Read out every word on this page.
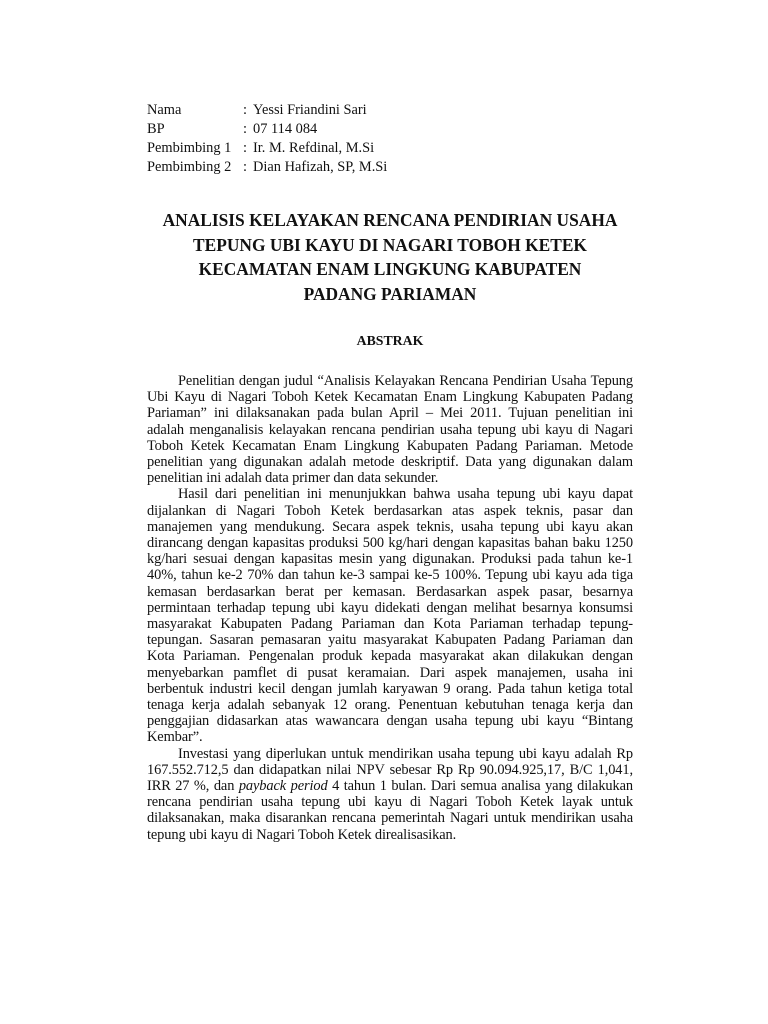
Nama	: Yessi Friandini Sari
BP	: 07 114 084
Pembimbing 1 : Ir. M. Refdinal, M.Si
Pembimbing 2 : Dian Hafizah, SP, M.Si
ANALISIS KELAYAKAN RENCANA PENDIRIAN USAHA
TEPUNG UBI KAYU DI NAGARI TOBOH KETEK
KECAMATAN ENAM LINGKUNG KABUPATEN
PADANG PARIAMAN
ABSTRAK

Penelitian dengan judul “Analisis Kelayakan Rencana Pendirian Usaha Tepung Ubi Kayu di Nagari Toboh Ketek Kecamatan Enam Lingkung Kabupaten Padang Pariaman” ini dilaksanakan pada bulan April – Mei 2011. Tujuan penelitian ini adalah menganalisis kelayakan rencana pendirian usaha tepung ubi kayu di Nagari Toboh Ketek Kecamatan Enam Lingkung Kabupaten Padang Pariaman. Metode penelitian yang digunakan adalah metode deskriptif. Data yang digunakan dalam penelitian ini adalah data primer dan data sekunder.

Hasil dari penelitian ini menunjukkan bahwa usaha tepung ubi kayu dapat dijalankan di Nagari Toboh Ketek berdasarkan atas aspek teknis, pasar dan manajemen yang mendukung. Secara aspek teknis, usaha tepung ubi kayu akan dirancang dengan kapasitas produksi 500 kg/hari dengan kapasitas bahan baku 1250 kg/hari sesuai dengan kapasitas mesin yang digunakan. Produksi pada tahun ke-1 40%, tahun ke-2 70% dan tahun ke-3 sampai ke-5 100%. Tepung ubi kayu ada tiga kemasan berdasarkan berat per kemasan. Berdasarkan aspek pasar, besarnya permintaan terhadap tepung ubi kayu didekati dengan melihat besarnya konsumsi masyarakat Kabupaten Padang Pariaman dan Kota Pariaman terhadap tepung-tepungan. Sasaran pemasaran yaitu masyarakat Kabupaten Padang Pariaman dan Kota Pariaman. Pengenalan produk kepada masyarakat akan dilakukan dengan menyebarkan pamflet di pusat keramaian. Dari aspek manajemen, usaha ini berbentuk industri kecil dengan jumlah karyawan 9 orang. Pada tahun ketiga total tenaga kerja adalah sebanyak 12 orang. Penentuan kebutuhan tenaga kerja dan penggajian didasarkan atas wawancara dengan usaha tepung ubi kayu “Bintang Kembar”.

Investasi yang diperlukan untuk mendirikan usaha tepung ubi kayu adalah Rp 167.552.712,5 dan didapatkan nilai NPV sebesar Rp Rp 90.094.925,17, B/C 1,041, IRR 27 %, dan payback period 4 tahun 1 bulan. Dari semua analisa yang dilakukan rencana pendirian usaha tepung ubi kayu di Nagari Toboh Ketek layak untuk dilaksanakan, maka disarankan rencana pemerintah Nagari untuk mendirikan usaha tepung ubi kayu di Nagari Toboh Ketek direalisasikan.
